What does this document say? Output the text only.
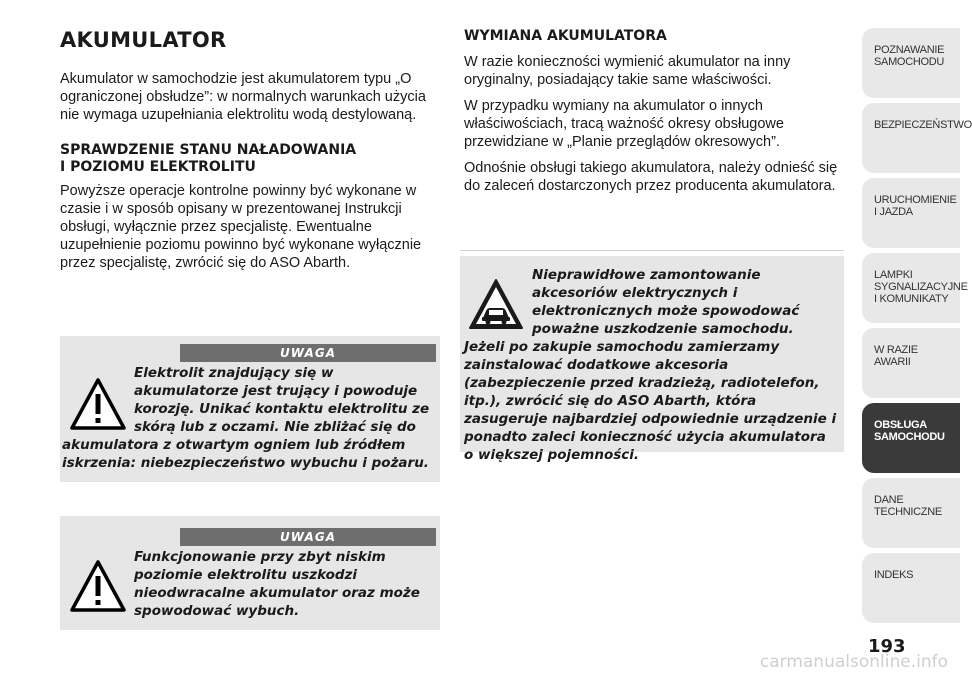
AKUMULATOR

Akumulator w samochodzie jest akumulatorem typu „O ograniczonej obsłudze”: w normalnych warunkach użycia nie wymaga uzupełniania elektrolitu wodą destylowaną.

SPRAWDZENIE STANU NAŁADOWANIA
I POZIOMU ELEKTROLITU

Powyższe operacje kontrolne powinny być wykonane w czasie i w sposób opisany w prezentowanej Instrukcji obsługi, wyłącznie przez specjalistę. Ewentualne uzupełnienie poziomu powinno być wykonane wyłącznie przez specjalistę, zwrócić się do ASO Abarth.

UWAGA
Elektrolit znajdujący się w akumulatorze jest trujący i powoduje korozję. Unikać kontaktu elektrolitu ze skórą lub z oczami. Nie zbliżać się do akumulatora z otwartym ogniem lub źródłem iskrzenia: niebezpieczeństwo wybuchu i pożaru.
UWAGA
Funkcjonowanie przy zbyt niskim poziomie elektrolitu uszkodzi nieodwracalne akumulator oraz może spowodować wybuch.
WYMIANA AKUMULATORA

W razie konieczności wymienić akumulator na inny oryginalny, posiadający takie same właściwości.

W przypadku wymiany na akumulator o innych właściwościach, tracą ważność okresy obsługowe przewidziane w „Planie przeglądów okresowych”.

Odnośnie obsługi takiego akumulatora, należy odnieść się do zaleceń dostarczonych przez producenta akumulatora.

Nieprawidłowe zamontowanie akcesoriów elektrycznych i elektronicznych może spowodować poważne uszkodzenie samochodu. Jeżeli po zakupie samochodu zamierzamy zainstalować dodatkowe akcesoria (zabezpieczenie przed kradzieżą, radiotelefon, itp.), zwrócić się do ASO Abarth, która zasugeruje najbardziej odpowiednie urządzenie i ponadto zaleci konieczność użycia akumulatora o większej pojemności.
POZNAWANIE
SAMOCHODU
BEZPIECZEŃSTWO
URUCHOMIENIE
I JAZDA
LAMPKI
SYGNALIZACYJNE
I KOMUNIKATY
W RAZIE AWARII
OBSŁUGA
SAMOCHODU
DANE
TECHNICZNE
INDEKS
193
carmanualsonline.info
